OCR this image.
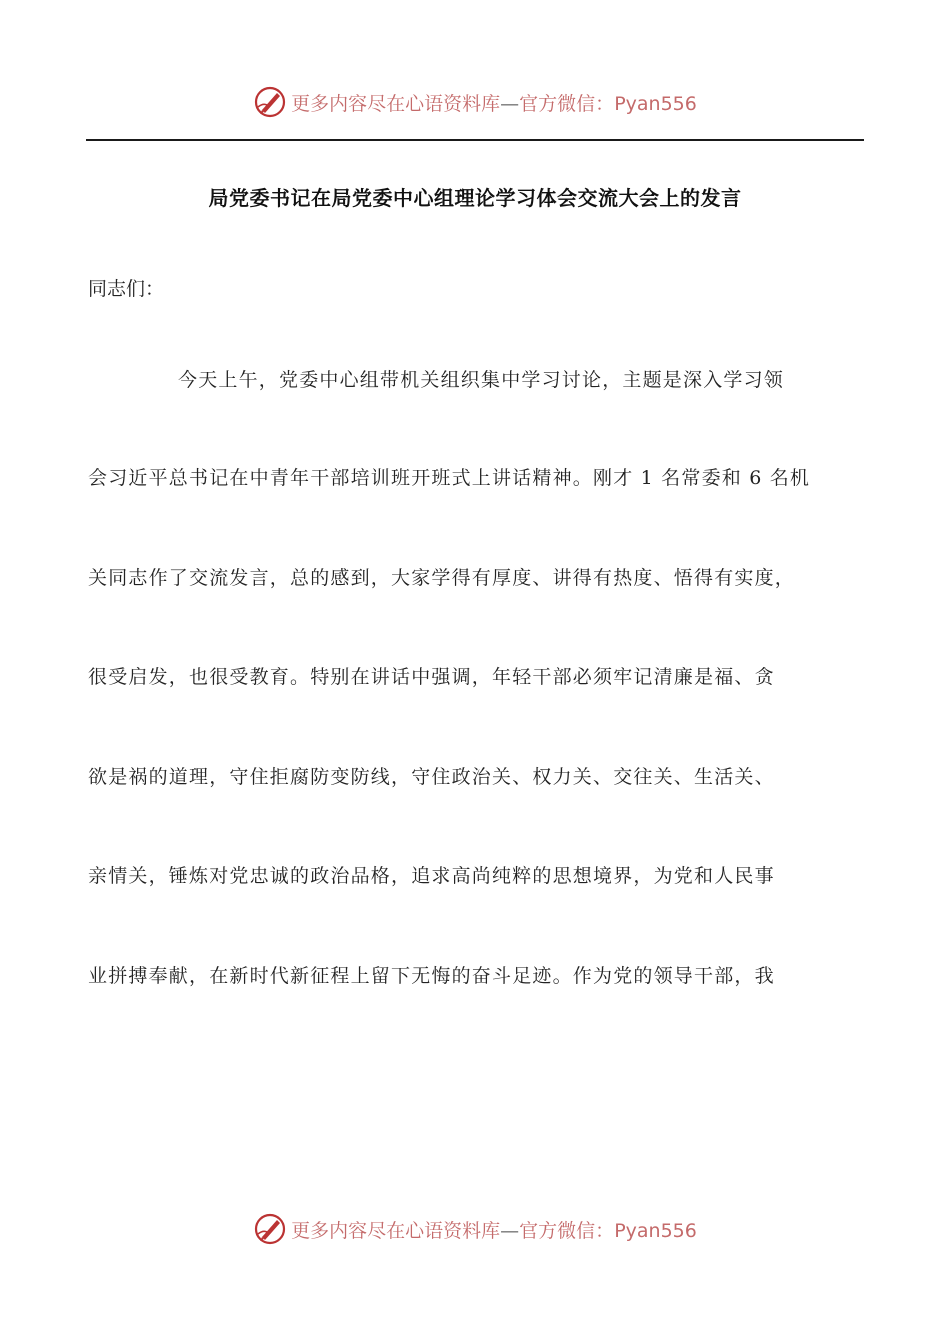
更多内容尽在心语资料库—官方微信：Pyan556
局党委书记在局党委中心组理论学习体会交流大会上的发言
同志们：
今天上午，党委中心组带机关组织集中学习讨论，主题是深入学习领
会习近平总书记在中青年干部培训班开班式上讲话精神。刚才 1 名常委和 6 名机
关同志作了交流发言，总的感到，大家学得有厚度、讲得有热度、悟得有实度，
很受启发，也很受教育。特别在讲话中强调，年轻干部必须牢记清廉是福、贪
欲是祸的道理，守住拒腐防变防线，守住政治关、权力关、交往关、生活关、
亲情关，锤炼对党忠诚的政治品格，追求高尚纯粹的思想境界，为党和人民事
业拼搏奉献，在新时代新征程上留下无悔的奋斗足迹。作为党的领导干部，我
更多内容尽在心语资料库—官方微信：Pyan556
